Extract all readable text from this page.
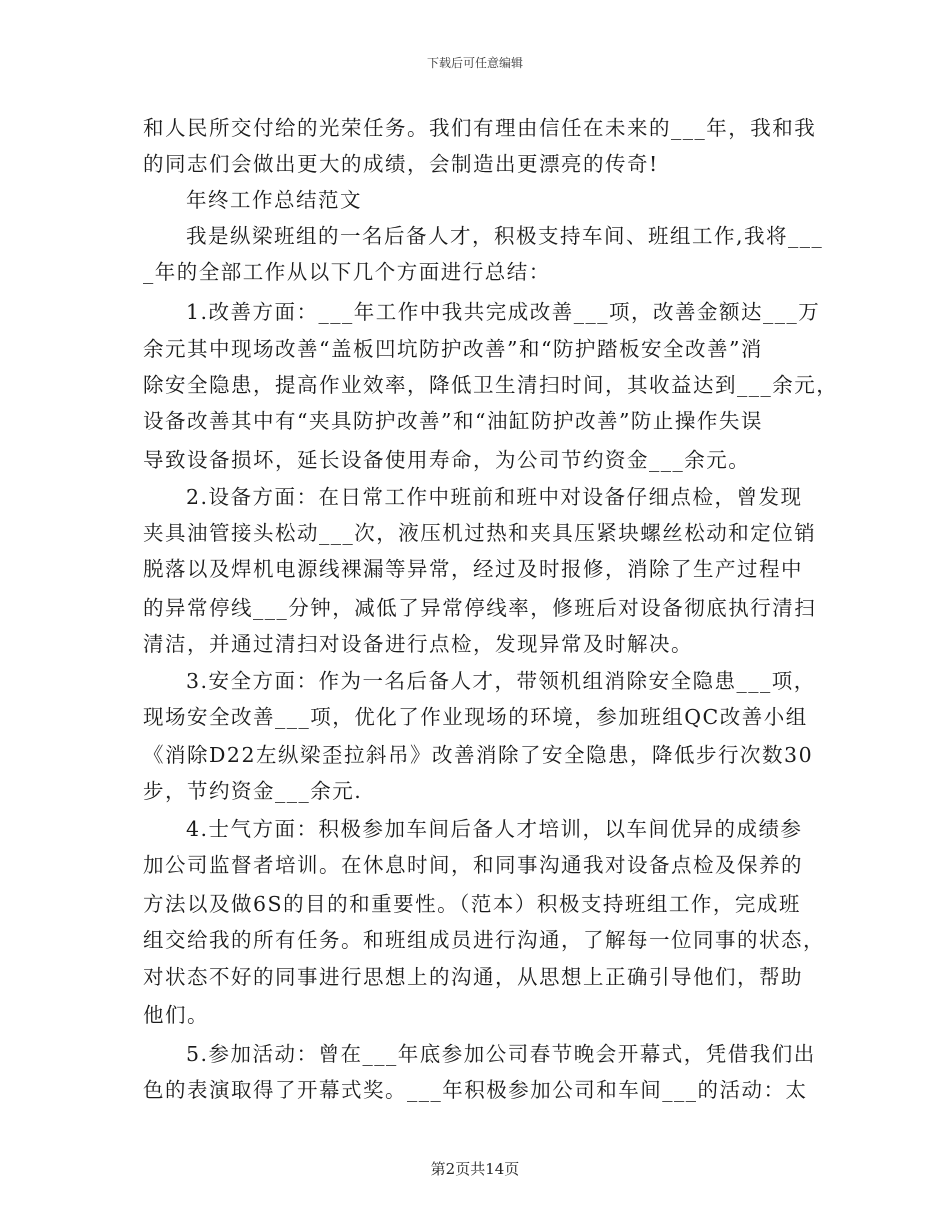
下载后可任意编辑
和人民所交付给的光荣任务。我们有理由信任在未来的___年，我和我
的同志们会做出更大的成绩，会制造出更漂亮的传奇!
年终工作总结范文
我是纵梁班组的一名后备人才，积极支持车间、班组工作,我将___
_年的全部工作从以下几个方面进行总结：
1.改善方面：___年工作中我共完成改善___项，改善金额达___万
余元其中现场改善“盖板凹坑防护改善”和“防护踏板安全改善”消
除安全隐患，提高作业效率，降低卫生清扫时间，其收益达到___余元，
设备改善其中有“夹具防护改善”和“油缸防护改善”防止操作失误
导致设备损坏，延长设备使用寿命，为公司节约资金___余元。
2.设备方面：在日常工作中班前和班中对设备仔细点检，曾发现
夹具油管接头松动___次，液压机过热和夹具压紧块螺丝松动和定位销
脱落以及焊机电源线裸漏等异常，经过及时报修，消除了生产过程中
的异常停线___分钟，减低了异常停线率，修班后对设备彻底执行清扫
清洁，并通过清扫对设备进行点检，发现异常及时解决。
3.安全方面：作为一名后备人才，带领机组消除安全隐患___项，
现场安全改善___项，优化了作业现场的环境，参加班组QC改善小组
《消除D22左纵梁歪拉斜吊》改善消除了安全隐患，降低步行次数30
步，节约资金___余元.
4.士气方面：积极参加车间后备人才培训，以车间优异的成绩参
加公司监督者培训。在休息时间，和同事沟通我对设备点检及保养的
方法以及做6S的目的和重要性。（范本）积极支持班组工作，完成班
组交给我的所有任务。和班组成员进行沟通，了解每一位同事的状态，
对状态不好的同事进行思想上的沟通，从思想上正确引导他们，帮助
他们。
5.参加活动：曾在___年底参加公司春节晚会开幕式，凭借我们出
色的表演取得了开幕式奖。___年积极参加公司和车间___的活动：太
第2页共14页
